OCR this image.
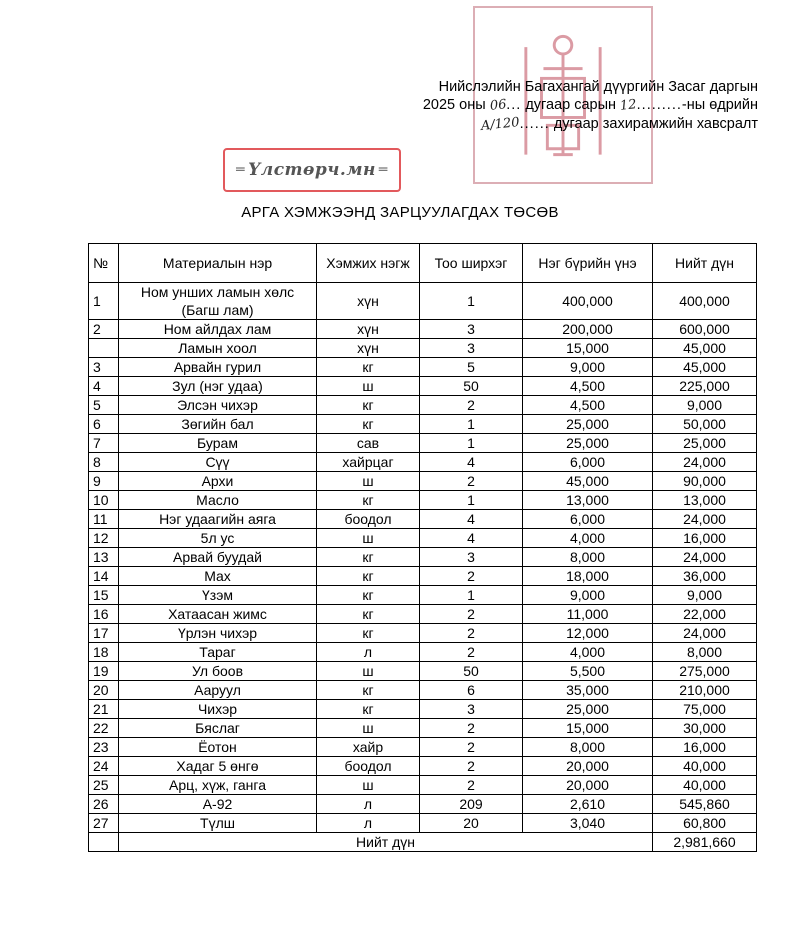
Нийслэлийн Багахангай дүүргийн Засаг даргын
2025 оны 06... дугаар сарын 12.........-ны өдрийн
A/120...... дугаар захирамжийн хавсралт
═ Үлстөрч.мн ═
АРГА ХЭМЖЭЭНД ЗАРЦУУЛАГДАХ ТӨСӨВ
№	Материалын нэр	Хэмжих нэгж	Тоо ширхэг	Нэг бүрийн үнэ	Нийт дүн
1	Ном унших ламын хөлс (Багш лам)	хүн	1	400,000	400,000
2	Ном айлдах лам	хүн	3	200,000	600,000
	Ламын хоол	хүн	3	15,000	45,000
3	Арвайн гурил	кг	5	9,000	45,000
4	Зул (нэг удаа)	ш	50	4,500	225,000
5	Элсэн чихэр	кг	2	4,500	9,000
6	Зөгийн бал	кг	1	25,000	50,000
7	Бурам	сав	1	25,000	25,000
8	Сүү	хайрцаг	4	6,000	24,000
9	Архи	ш	2	45,000	90,000
10	Масло	кг	1	13,000	13,000
11	Нэг удаагийн аяга	боодол	4	6,000	24,000
12	5л ус	ш	4	4,000	16,000
13	Арвай буудай	кг	3	8,000	24,000
14	Мах	кг	2	18,000	36,000
15	Үзэм	кг	1	9,000	9,000
16	Хатаасан жимс	кг	2	11,000	22,000
17	Үрлэн чихэр	кг	2	12,000	24,000
18	Тараг	л	2	4,000	8,000
19	Ул боов	ш	50	5,500	275,000
20	Ааруул	кг	6	35,000	210,000
21	Чихэр	кг	3	25,000	75,000
22	Бяслаг	ш	2	15,000	30,000
23	Ёотон	хайр	2	8,000	16,000
24	Хадаг 5 өнгө	боодол	2	20,000	40,000
25	Арц, хүж, ганга	ш	2	20,000	40,000
26	А-92	л	209	2,610	545,860
27	Түлш	л	20	3,040	60,800
	Нийт дүн				2,981,660
